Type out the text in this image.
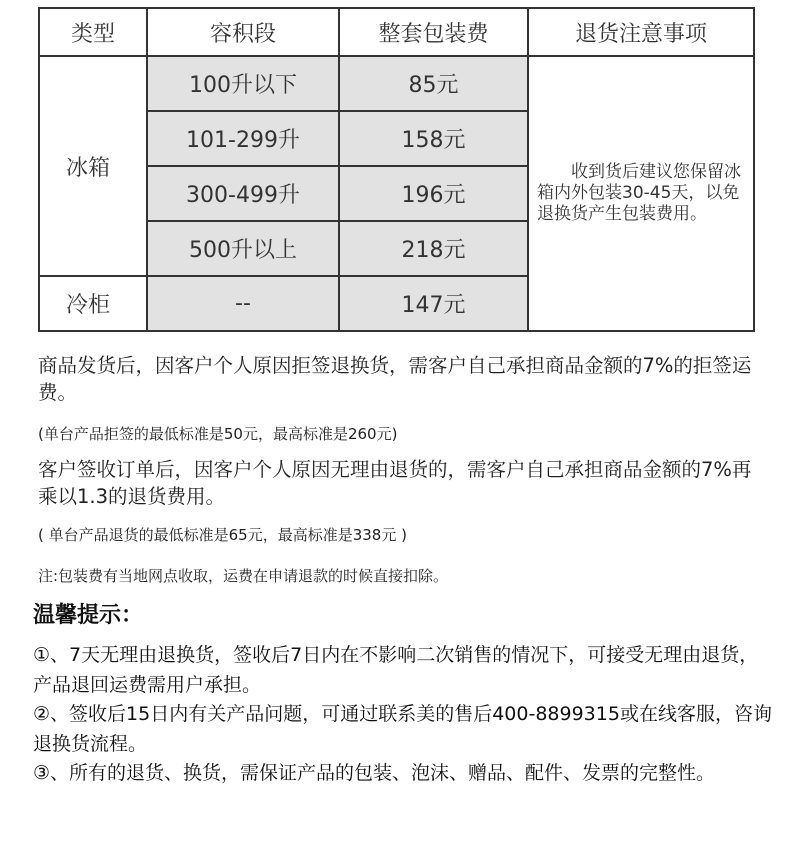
类型	容积段	整套包装费	退货注意事项
冰箱	100升以下	85元	收到货后建议您保留冰箱内外包装30-45天，以免退换货产生包装费用。

	101-299升	158元	
	300-499升	196元	
	500升以上	218元	
冷柜	--	147元	

商品发货后，因客户个人原因拒签退换货，需客户自己承担商品金额的7%的拒签运费。

(单台产品拒签的最低标准是50元，最高标准是260元)

客户签收订单后，因客户个人原因无理由退货的，需客户自己承担商品金额的7%再乘以1.3的退货费用。

( 单台产品退货的最低标准是65元，最高标准是338元 )

注:包装费有当地网点收取，运费在申请退款的时候直接扣除。

温馨提示：

①、7天无理由退换货，签收后7日内在不影响二次销售的情况下，可接受无理由退货，产品退回运费需用户承担。

②、签收后15日内有关产品问题，可通过联系美的售后400-8899315或在线客服，咨询退换货流程。

③、所有的退货、换货，需保证产品的包装、泡沫、赠品、配件、发票的完整性。
